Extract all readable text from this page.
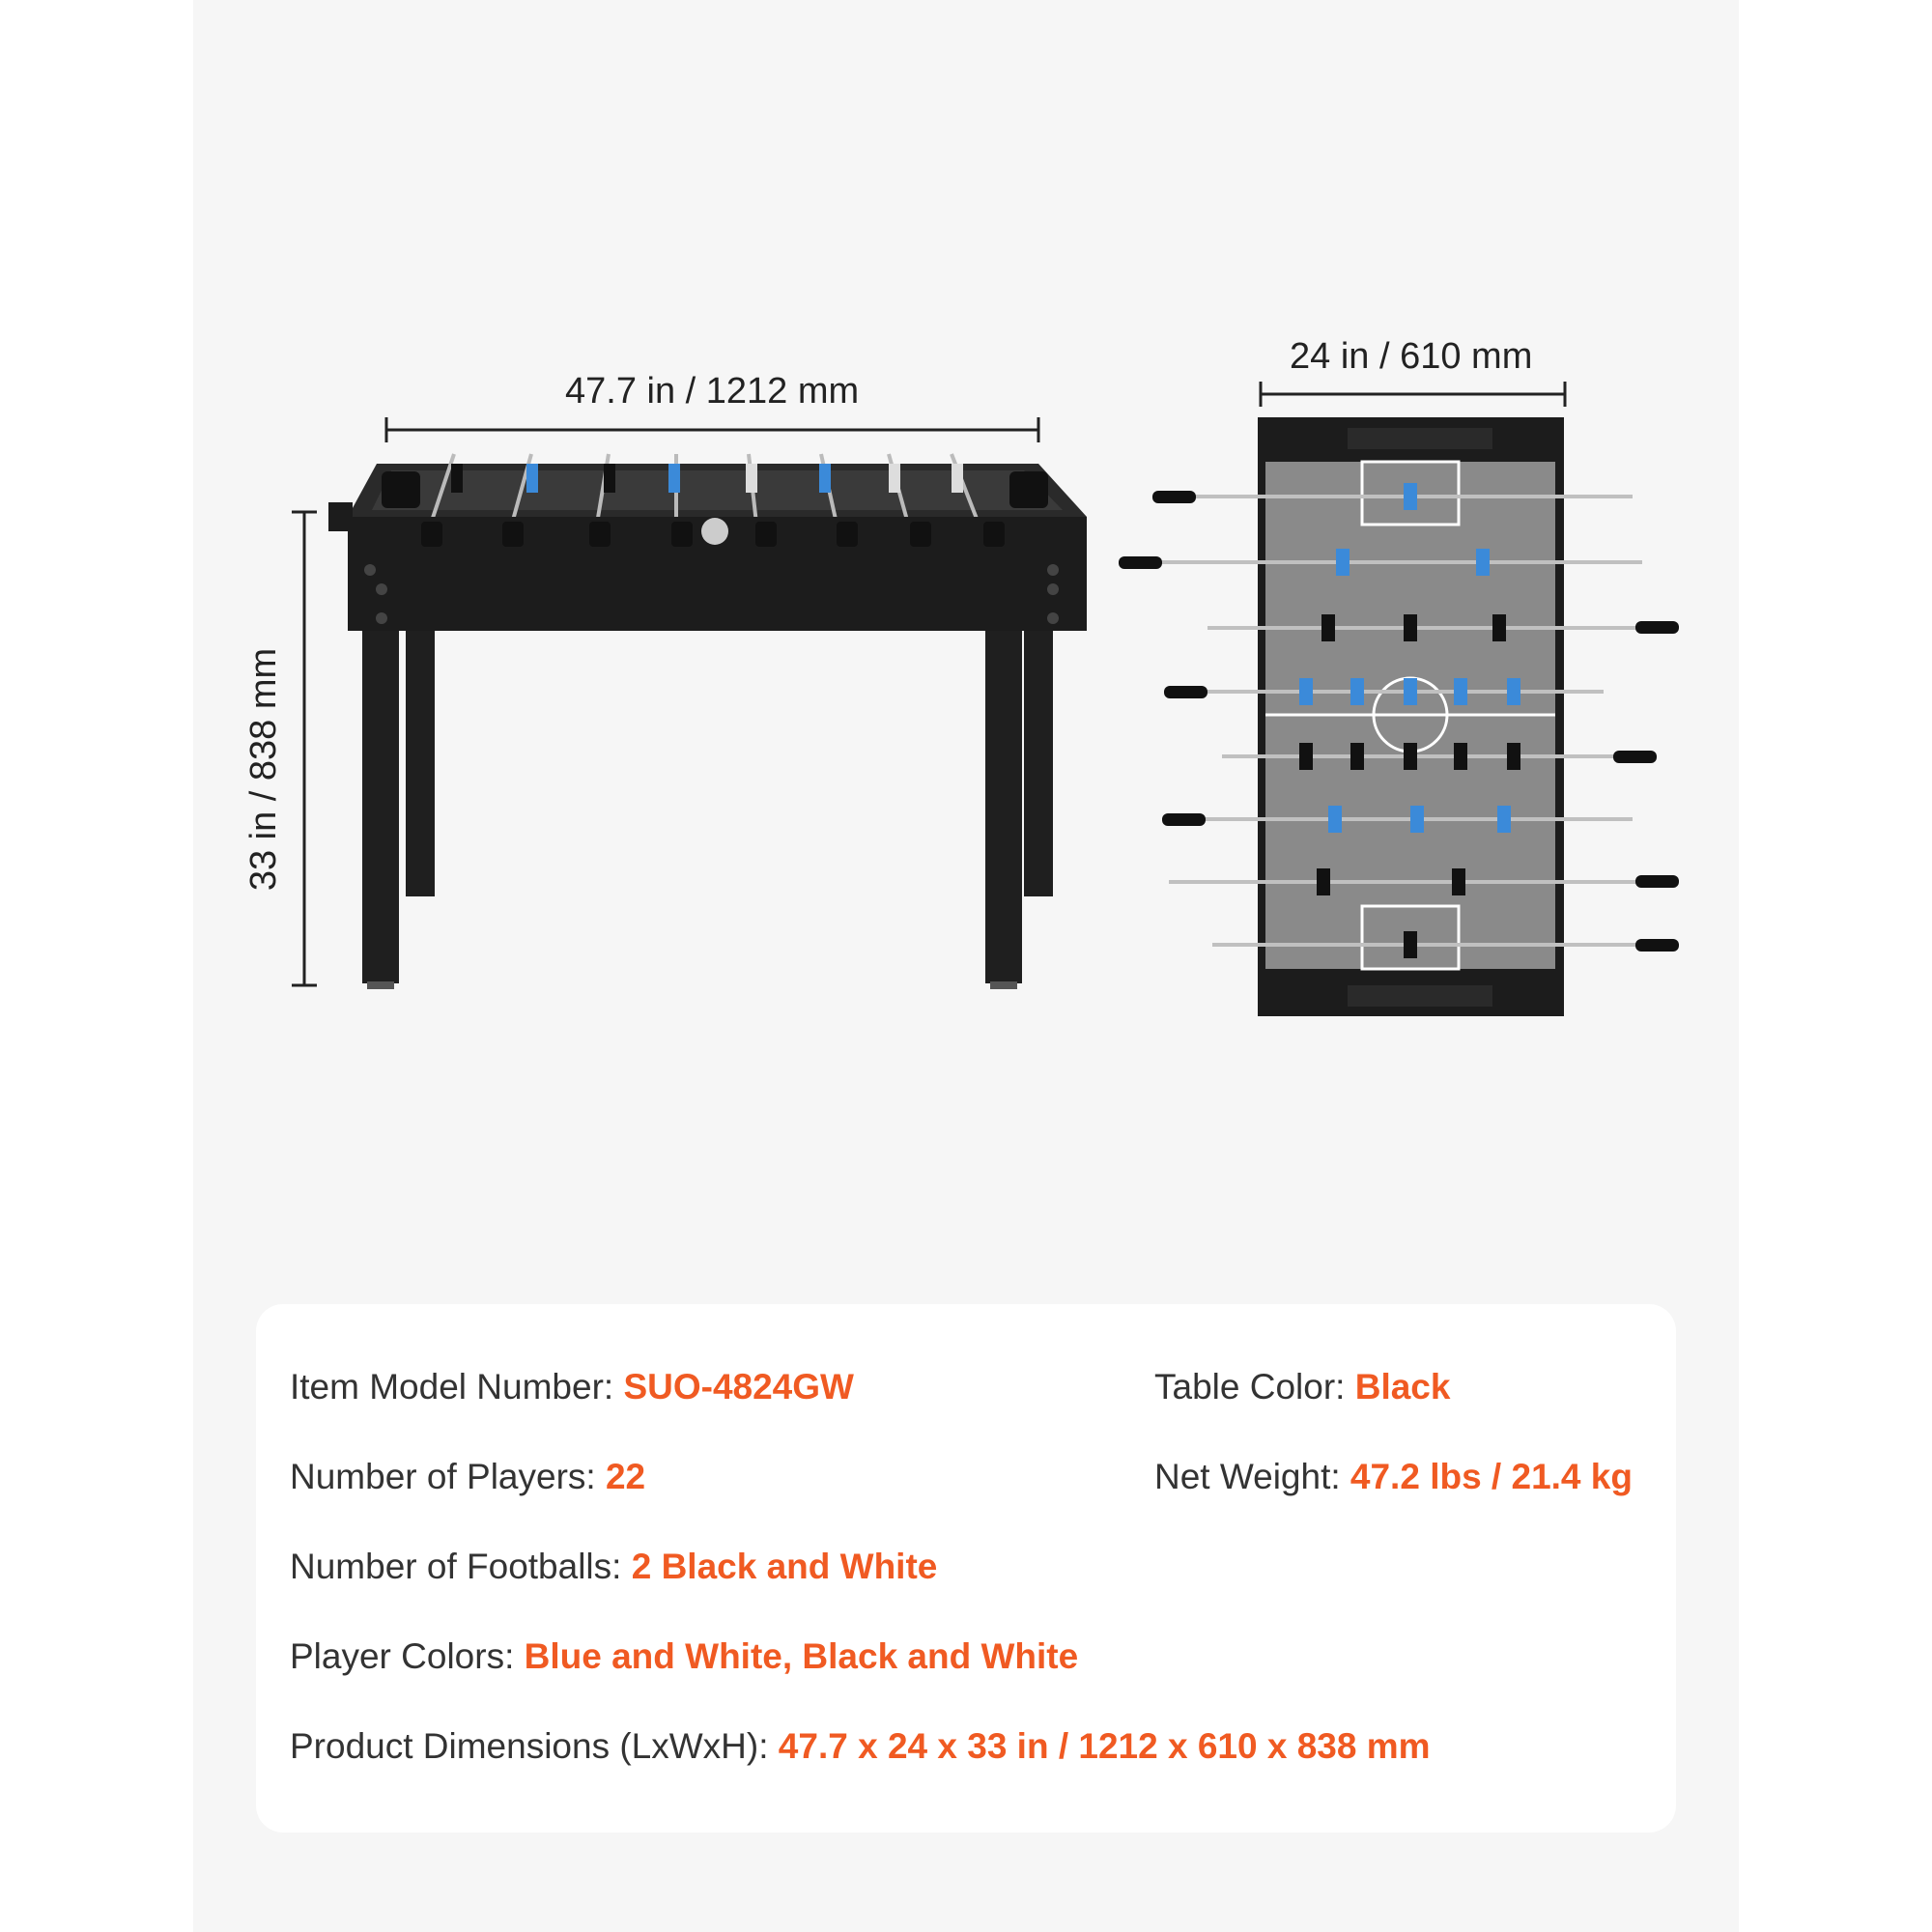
47.7 in / 1212 mm
24 in / 610 mm
33 in / 838 mm
Item Model Number: SUO-4824GW	Table Color: Black
Number of Players: 22	Net Weight: 47.2 lbs / 21.4 kg
Number of Footballs: 2 Black and White
Player Colors: Blue and White, Black and White
Product Dimensions (LxWxH): 47.7 x 24 x 33 in / 1212 x 610 x 838 mm
